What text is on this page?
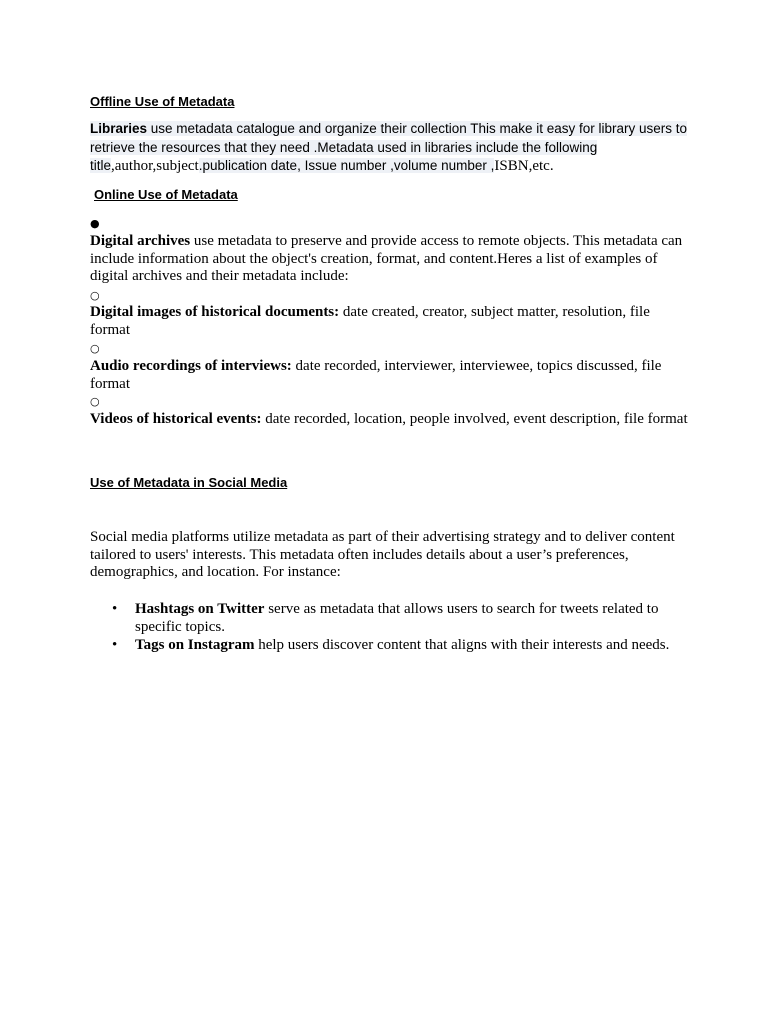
Offline Use of Metadata
Libraries use metadata catalogue and organize their collection This make it easy for library users to retrieve the resources that they need .Metadata used in libraries include the following title,author,subject.publication date, Issue number ,volume number ,ISBN,etc.
Online Use of Metadata
●
Digital archives use metadata to preserve and provide access to remote objects. This metadata can include information about the object's creation, format, and content.Heres a list of examples of digital archives and their metadata include:
○
Digital images of historical documents: date created, creator, subject matter, resolution, file format
○
Audio recordings of interviews: date recorded, interviewer, interviewee, topics discussed, file format
○
Videos of historical events: date recorded, location, people involved, event description, file format
Use of Metadata in Social Media
Social media platforms utilize metadata as part of their advertising strategy and to deliver content tailored to users' interests. This metadata often includes details about a user’s preferences, demographics, and location. For instance:
• Hashtags on Twitter serve as metadata that allows users to search for tweets related to specific topics.
• Tags on Instagram help users discover content that aligns with their interests and needs.
